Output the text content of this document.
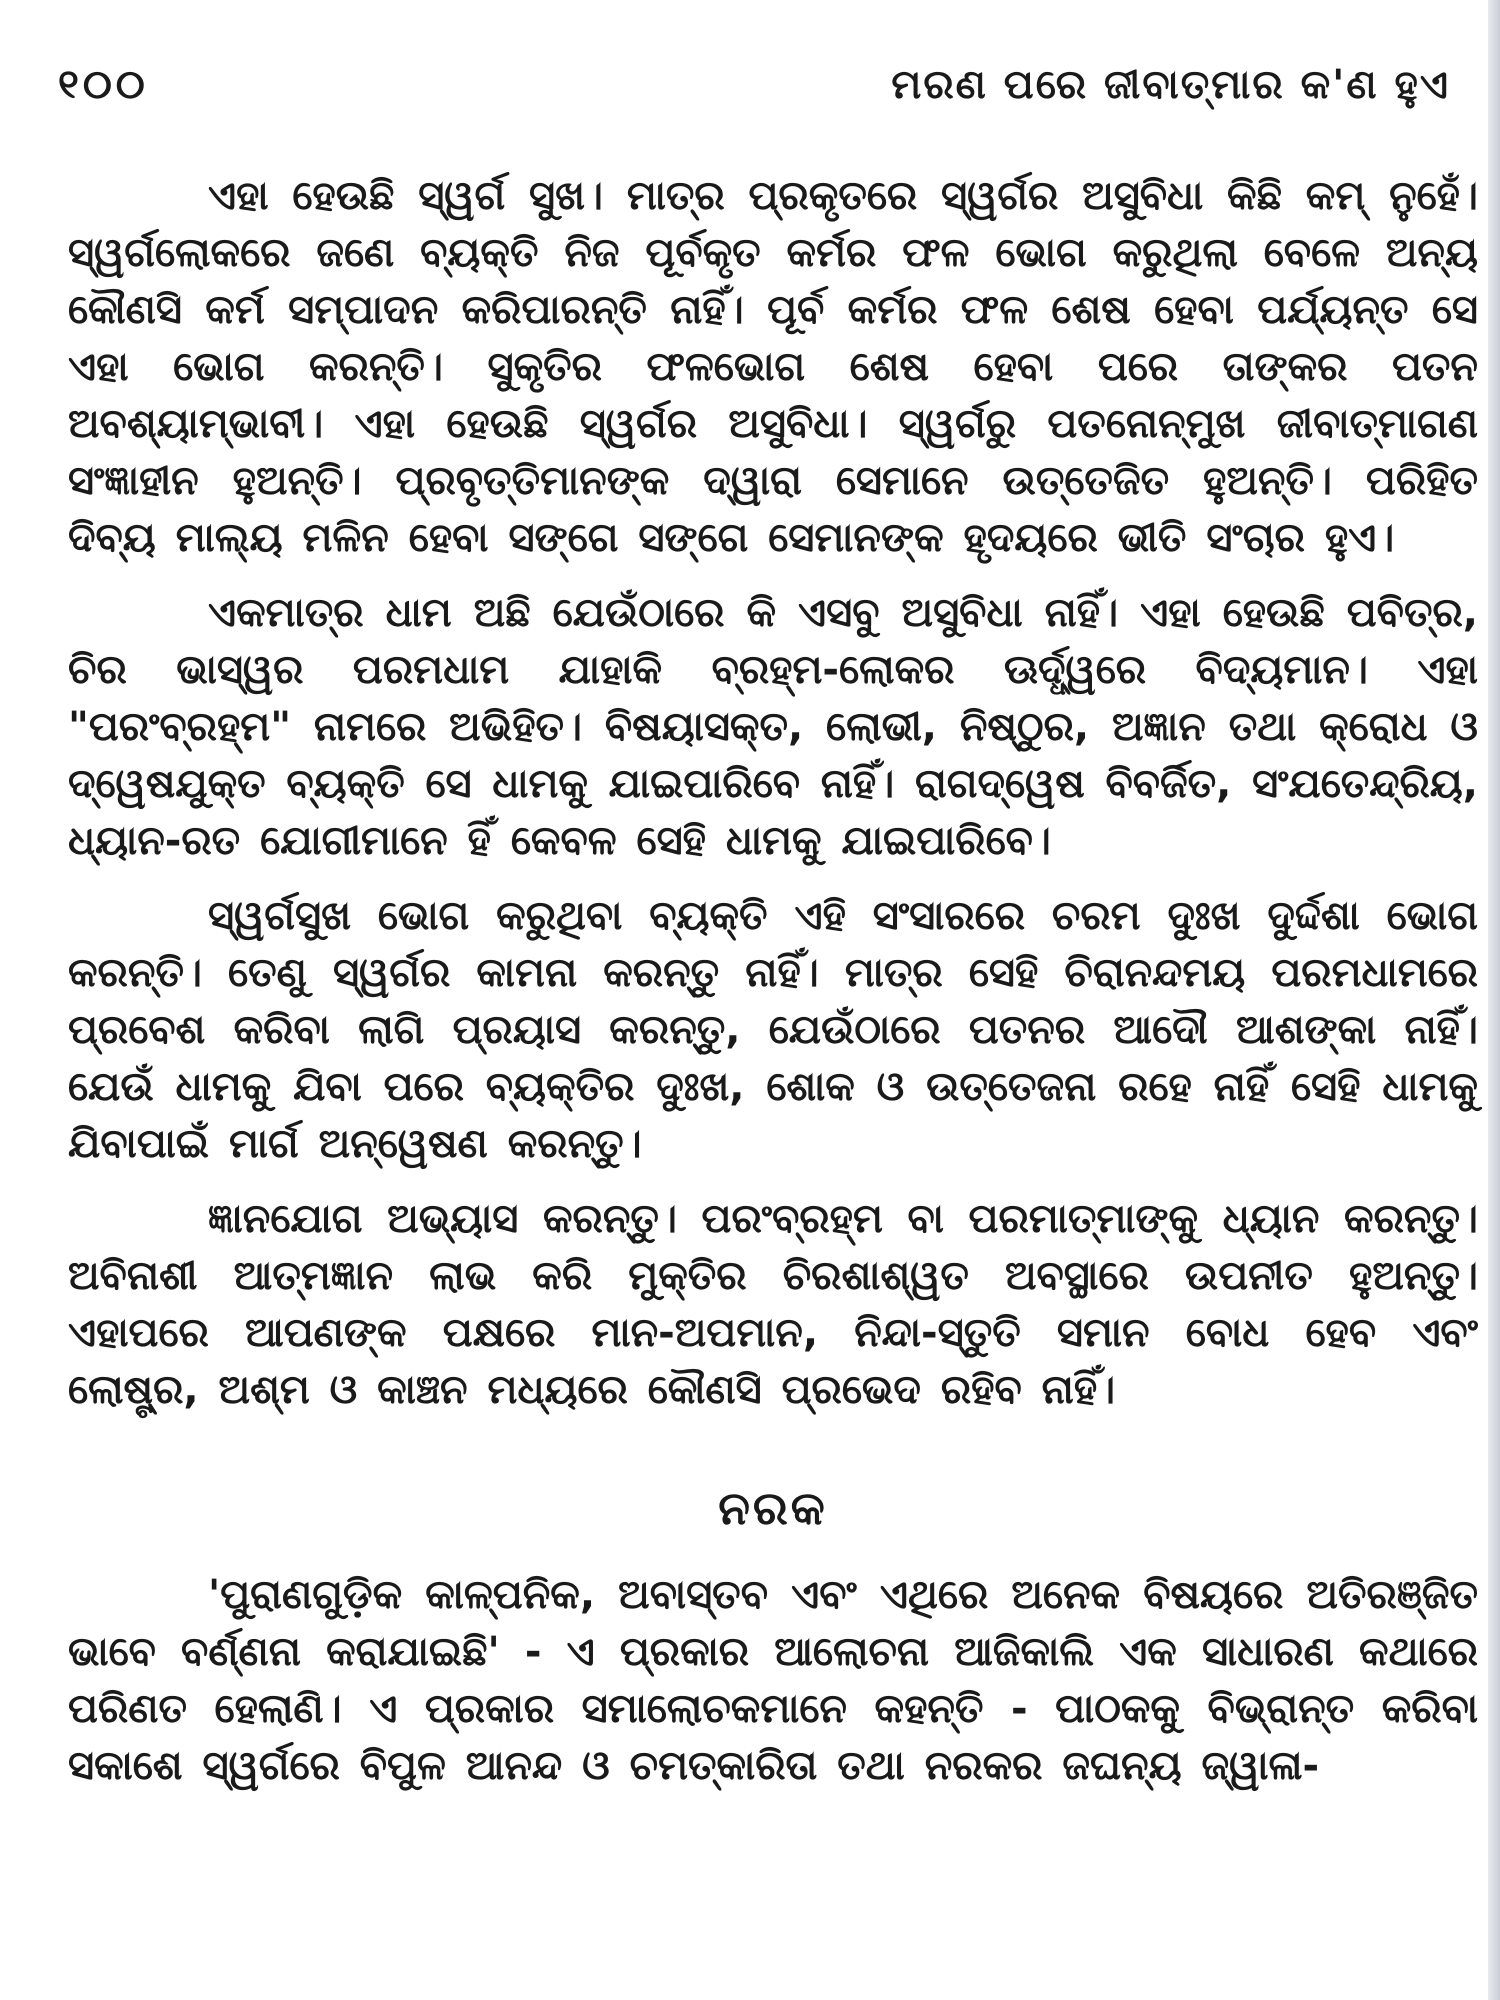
୧୦୦	ମରଣ ପରେ ଜୀବାତ୍ମାର କ'ଣ ହୁଏ

ଏହା ହେଉଛି ସ୍ୱର୍ଗ ସୁଖ। ମାତ୍ର ପ୍ରକୃତରେ ସ୍ୱର୍ଗର ଅସୁବିଧା କିଛି କମ୍ ନୁହେଁ। ସ୍ୱର୍ଗଲୋକରେ ଜଣେ ବ୍ୟକ୍ତି ନିଜ ପୂର୍ବକୃତ କର୍ମର ଫଳ ଭୋଗ କରୁଥିଲା ବେଳେ ଅନ୍ୟ କୌଣସି କର୍ମ ସମ୍ପାଦନ କରିପାରନ୍ତି ନାହିଁ। ପୂର୍ବ କର୍ମର ଫଳ ଶେଷ ହେବା ପର୍ଯ୍ୟନ୍ତ ସେ ଏହା ଭୋଗ କରନ୍ତି। ସୁକୃତିର ଫଳଭୋଗ ଶେଷ ହେବା ପରେ ତାଙ୍କର ପତନ ଅବଶ୍ୟାମ୍ଭାବୀ। ଏହା ହେଉଛି ସ୍ୱର୍ଗର ଅସୁବିଧା। ସ୍ୱର୍ଗରୁ ପତନୋନ୍ମୁଖ ଜୀବାତ୍ମାଗଣ ସଂଜ୍ଞାହୀନ ହୁଅନ୍ତି। ପ୍ରବୃତ୍ତିମାନଙ୍କ ଦ୍ୱାରା ସେମାନେ ଉତ୍ତେଜିତ ହୁଅନ୍ତି। ପରିହିତ ଦିବ୍ୟ ମାଲ୍ୟ ମଳିନ ହେବା ସଙ୍ଗେ ସଙ୍ଗେ ସେମାନଙ୍କ ହୃଦୟରେ ଭୀତି ସଂଚାର ହୁଏ।

ଏକମାତ୍ର ଧାମ ଅଛି ଯେଉଁଠାରେ କି ଏସବୁ ଅସୁବିଧା ନାହିଁ। ଏହା ହେଉଛି ପବିତ୍ର, ଚିର ଭାସ୍ୱର ପରମଧାମ ଯାହାକି ବ୍ରହ୍ମ-ଲୋକର ଊର୍ଦ୍ଧ୍ୱରେ ବିଦ୍ୟମାନ। ଏହା "ପରଂବ୍ରହ୍ମ" ନାମରେ ଅଭିହିତ। ବିଷୟାସକ୍ତ, ଲୋଭୀ, ନିଷ୍ଠୁର, ଅଜ୍ଞାନ ତଥା କ୍ରୋଧ ଓ ଦ୍ୱେଷଯୁକ୍ତ ବ୍ୟକ୍ତି ସେ ଧାମକୁ ଯାଇପାରିବେ ନାହିଁ। ରାଗଦ୍ୱେଷ ବିବର୍ଜିତ, ସଂଯତେନ୍ଦ୍ରିୟ, ଧ୍ୟାନ-ରତ ଯୋଗୀମାନେ ହିଁ କେବଳ ସେହି ଧାମକୁ ଯାଇପାରିବେ।

ସ୍ୱର୍ଗସୁଖ ଭୋଗ କରୁଥିବା ବ୍ୟକ୍ତି ଏହି ସଂସାରରେ ଚରମ ଦୁଃଖ ଦୁର୍ଦ୍ଦଶା ଭୋଗ କରନ୍ତି। ତେଣୁ ସ୍ୱର୍ଗର କାମନା କରନ୍ତୁ ନାହିଁ। ମାତ୍ର ସେହି ଚିରାନନ୍ଦମୟ ପରମଧାମରେ ପ୍ରବେଶ କରିବା ଲାଗି ପ୍ରୟାସ କରନ୍ତୁ, ଯେଉଁଠାରେ ପତନର ଆଦୌ ଆଶଙ୍କା ନାହିଁ। ଯେଉଁ ଧାମକୁ ଯିବା ପରେ ବ୍ୟକ୍ତିର ଦୁଃଖ, ଶୋକ ଓ ଉତ୍ତେଜନା ରହେ ନାହିଁ ସେହି ଧାମକୁ ଯିବାପାଇଁ ମାର୍ଗ ଅନ୍ୱେଷଣ କରନ୍ତୁ।

ଜ୍ଞାନଯୋଗ ଅଭ୍ୟାସ କରନ୍ତୁ। ପରଂବ୍ରହ୍ମ ବା ପରମାତ୍ମାଙ୍କୁ ଧ୍ୟାନ କରନ୍ତୁ। ଅବିନାଶୀ ଆତ୍ମଜ୍ଞାନ ଲାଭ କରି ମୁକ୍ତିର ଚିରଶାଶ୍ୱତ ଅବସ୍ଥାରେ ଉପନୀତ ହୁଅନ୍ତୁ। ଏହାପରେ ଆପଣଙ୍କ ପକ୍ଷରେ ମାନ-ଅପମାନ, ନିନ୍ଦା-ସ୍ତୁତି ସମାନ ବୋଧ ହେବ ଏବଂ ଲୋଷ୍ଟ୍ର, ଅଶ୍ମ ଓ କାଞ୍ଚନ ମଧ୍ୟରେ କୌଣସି ପ୍ରଭେଦ ରହିବ ନାହିଁ।

ନରକ

'ପୁରାଣଗୁଡ଼ିକ କାଳ୍ପନିକ, ଅବାସ୍ତବ ଏବଂ ଏଥିରେ ଅନେକ ବିଷୟରେ ଅତିରଞ୍ଜିତ ଭାବେ ବର୍ଣ୍ଣନା କରାଯାଇଛି' - ଏ ପ୍ରକାର ଆଲୋଚନା ଆଜିକାଲି ଏକ ସାଧାରଣ କଥାରେ ପରିଣତ ହେଲାଣି। ଏ ପ୍ରକାର ସମାଲୋଚକମାନେ କହନ୍ତି - ପାଠକକୁ ବିଭ୍ରାନ୍ତ କରିବା ସକାଶେ ସ୍ୱର୍ଗରେ ବିପୁଳ ଆନନ୍ଦ ଓ ଚମତ୍କାରିତା ତଥା ନରକର ଜଘନ୍ୟ ଜ୍ୱାଳା-
